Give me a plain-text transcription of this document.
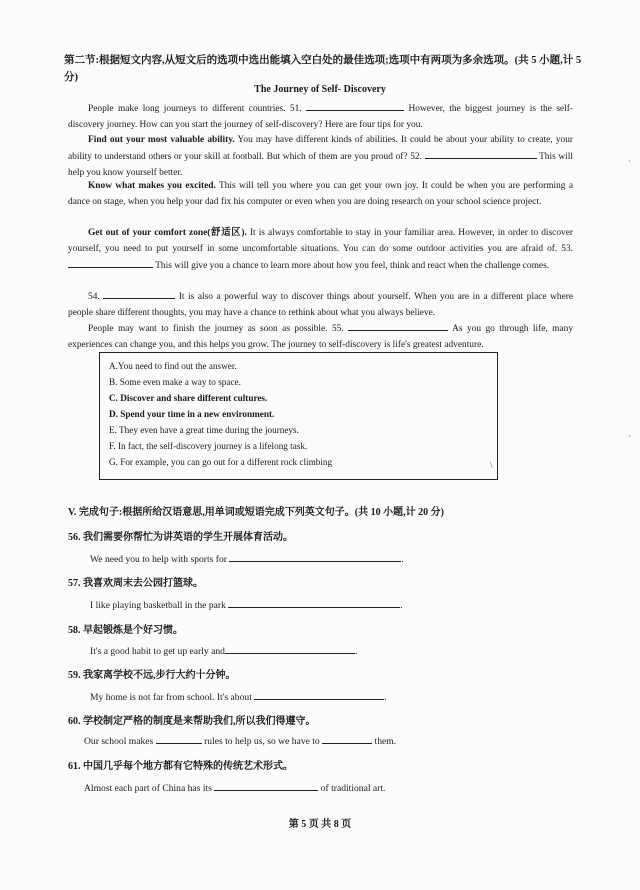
第二节:根据短文内容,从短文后的选项中选出能填入空白处的最佳选项;选项中有两项为多余选项。(共 5 小题,计 5 分)
The Journey of Self- Discovery
People make long journeys to different countries. 51.	However, the biggest journey is the self-discovery journey. How can you start the journey of self-discovery? Here are four tips for you.
Find out your most valuable ability. You may have different kinds of abilities. It could be about your ability to create, your ability to understand others or your skill at football. But which of them are you proud of? 52.	This will help you know yourself better.
Know what makes you excited. This will tell you where you can get your own joy. It could be when you are performing a dance on stage, when you help your dad fix his computer or even when you are doing research on your school science project.
Get out of your comfort zone(舒适区). It is always comfortable to stay in your familiar area. However, in order to discover yourself, you need to put yourself in some uncomfortable situations. You can do some outdoor activities you are afraid of. 53.  This will give you a chance to learn more about how you feel, think and react when the challenge comes.
54.	It is also a powerful way to discover things about yourself. When you are in a different place where people share different thoughts, you may have a chance to rethink about what you always believe.
People may want to finish the journey as soon as possible. 55.	As you go through life, many experiences can change you, and this helps you grow. The journey to self-discovery is life's greatest adventure.
A.You need to find out the answer.
B. Some even make a way to space.
C. Discover and share different cultures.
D. Spend your time in a new environment.
E. They even have a great time during the journeys.
F. In fact, the self-discovery journey is a lifelong task.
G. For example, you can go out for a different rock climbing
V. 完成句子:根据所给汉语意思,用单词或短语完成下列英文句子。(共 10 小题,计 20 分)
56. 我们需要你帮忙为讲英语的学生开展体育活动。
We need you to help with sports for	.
57. 我喜欢周末去公园打篮球。
I like playing basketball in the park	.
58. 早起锻炼是个好习惯。
It's a good habit to get up early and	.
59. 我家离学校不远,步行大约十分钟。
My home is not far from school. It's about	.
60. 学校制定严格的制度是来帮助我们,所以我们得遵守。
Our school makes	rules to help us, so we have to	them.
61. 中国几乎每个地方都有它特殊的传统艺术形式。
Almost each part of China has its	of traditional art.
第 5 页 共 8 页
ˋ
ˋ
\
